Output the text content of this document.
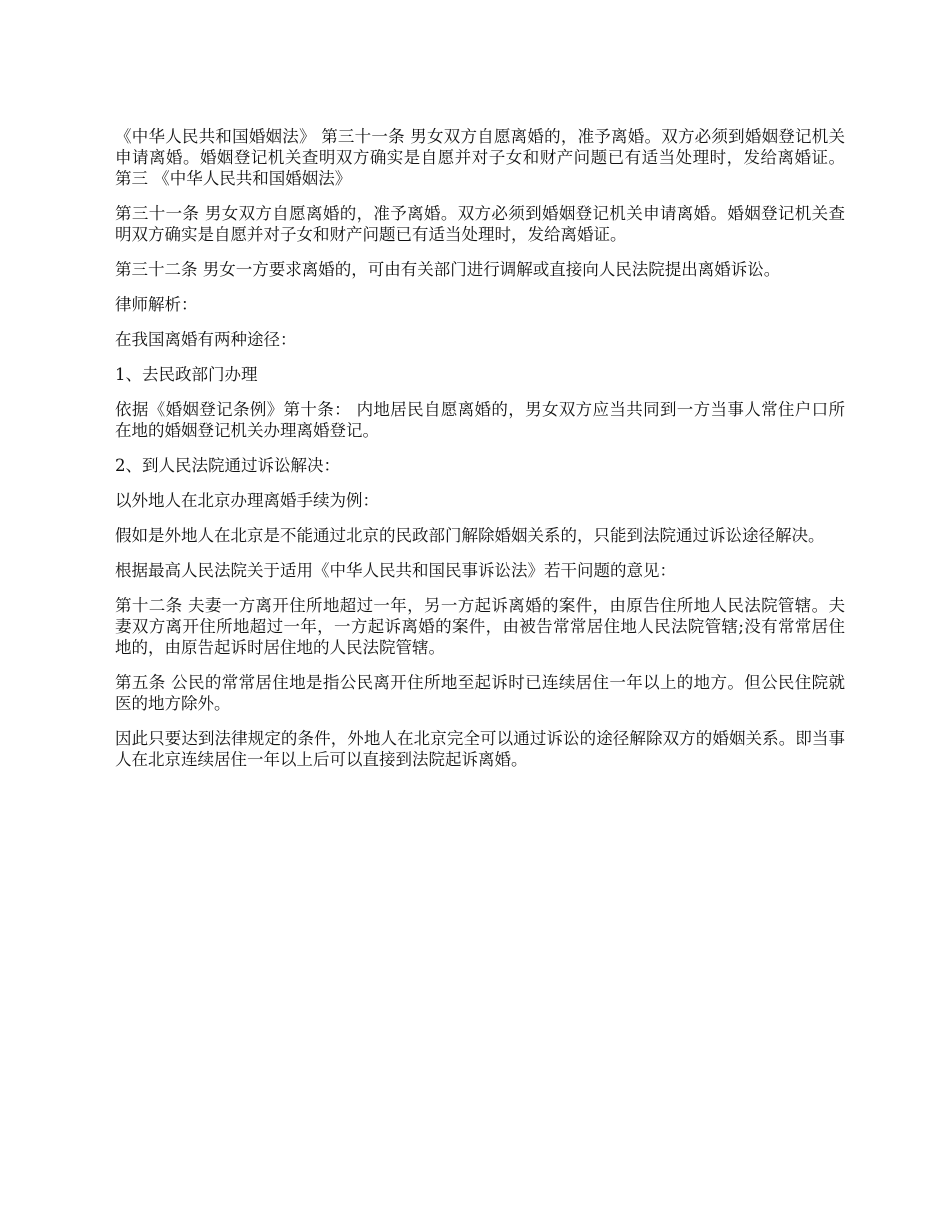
《中华人民共和国婚姻法》 第三十一条 男女双方自愿离婚的，准予离婚。双方必须到婚姻登记机关申请离婚。婚姻登记机关查明双方确实是自愿并对子女和财产问题已有适当处理时，发给离婚证。 第三 《中华人民共和国婚姻法》

第三十一条 男女双方自愿离婚的，准予离婚。双方必须到婚姻登记机关申请离婚。婚姻登记机关查明双方确实是自愿并对子女和财产问题已有适当处理时，发给离婚证。

第三十二条 男女一方要求离婚的，可由有关部门进行调解或直接向人民法院提出离婚诉讼。

律师解析：

在我国离婚有两种途径：

1、去民政部门办理

依据《婚姻登记条例》第十条： 内地居民自愿离婚的，男女双方应当共同到一方当事人常住户口所在地的婚姻登记机关办理离婚登记。

2、到人民法院通过诉讼解决：

以外地人在北京办理离婚手续为例：

假如是外地人在北京是不能通过北京的民政部门解除婚姻关系的，只能到法院通过诉讼途径解决。

根据最高人民法院关于适用《中华人民共和国民事诉讼法》若干问题的意见：

第十二条 夫妻一方离开住所地超过一年，另一方起诉离婚的案件，由原告住所地人民法院管辖。夫妻双方离开住所地超过一年，一方起诉离婚的案件，由被告常常居住地人民法院管辖;没有常常居住地的，由原告起诉时居住地的人民法院管辖。

第五条 公民的常常居住地是指公民离开住所地至起诉时已连续居住一年以上的地方。但公民住院就医的地方除外。

因此只要达到法律规定的条件，外地人在北京完全可以通过诉讼的途径解除双方的婚姻关系。即当事人在北京连续居住一年以上后可以直接到法院起诉离婚。
